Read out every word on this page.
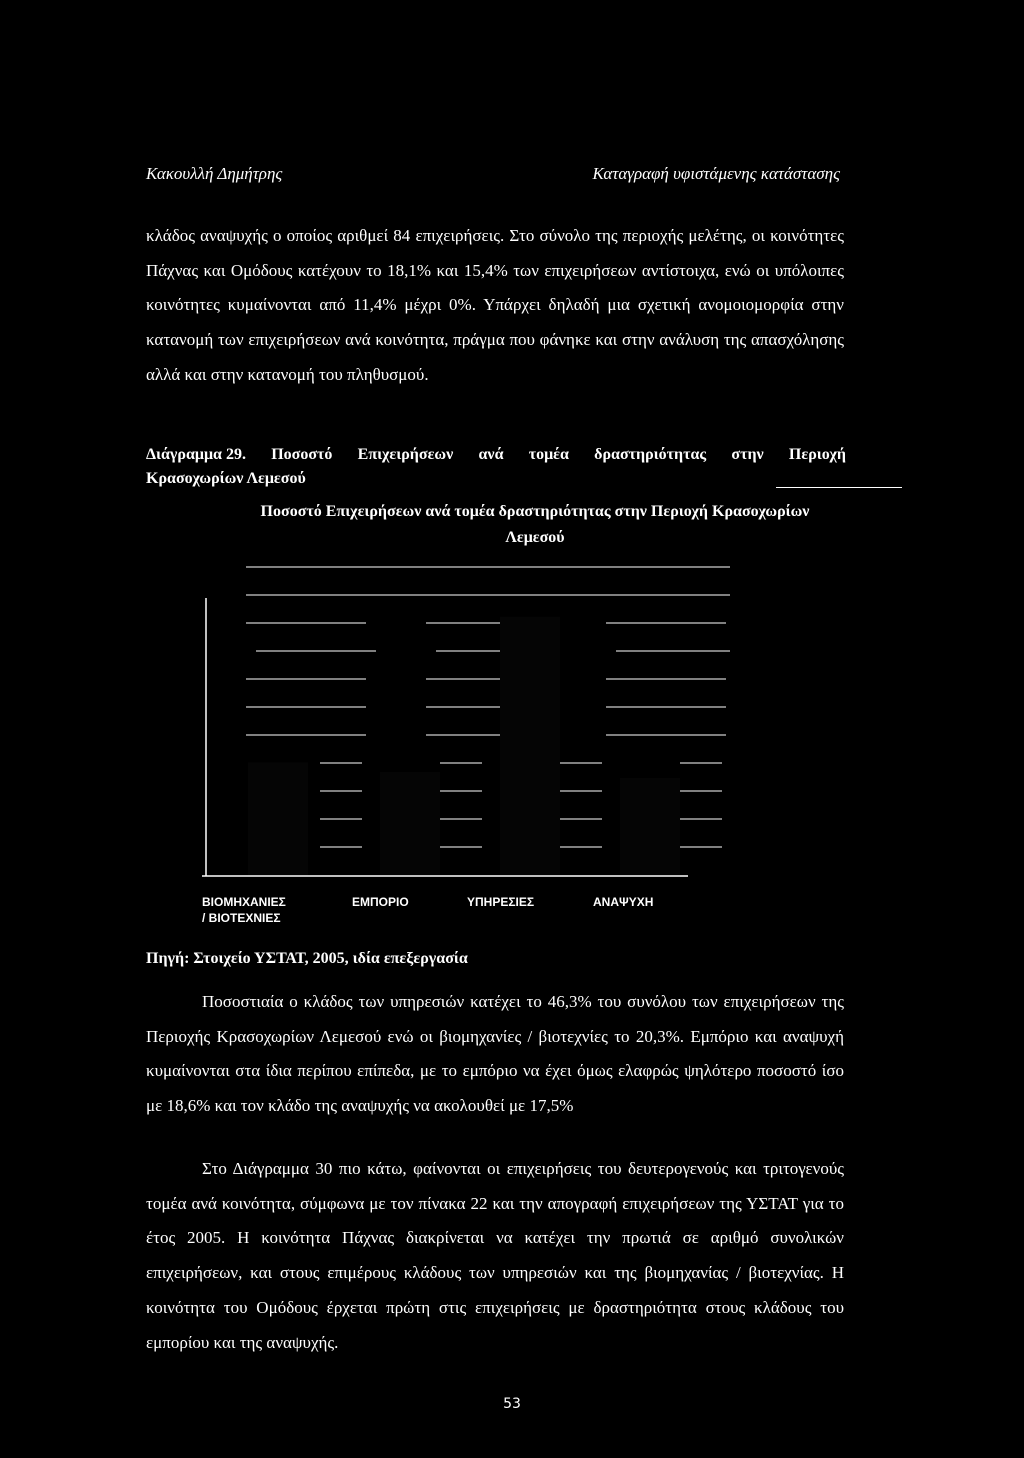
Κακουλλή Δημήτρης	Καταγραφή υφιστάμενης κατάστασης

κλάδος αναψυχής ο οποίος αριθμεί 84 επιχειρήσεις. Στο σύνολο της περιοχής μελέτης, οι κοινότητες Πάχνας και Ομόδους κατέχουν το 18,1% και 15,4% των επιχειρήσεων αντίστοιχα, ενώ οι υπόλοιπες κοινότητες κυμαίνονται από 11,4% μέχρι 0%. Υπάρχει δηλαδή μια σχετική ανομοιομορφία στην κατανομή των επιχειρήσεων ανά κοινότητα, πράγμα που φάνηκε και στην ανάλυση της απασχόλησης αλλά και στην κατανομή του πληθυσμού.

Διάγραμμα 29. Ποσοστό Επιχειρήσεων ανά τομέα δραστηριότητας στην Περιοχή
Κρασοχωρίων Λεμεσού
Ποσοστό Επιχειρήσεων ανά τομέα δραστηριότητας στην Περιοχή Κρασοχωρίων
Λεμεσού
ΒΙΟΜΗΧΑΝΙΕΣ
/ ΒΙΟΤΕΧΝΙΕΣ
ΕΜΠΟΡΙΟ	ΥΠΗΡΕΣΙΕΣ	ΑΝΑΨΥΧΗ
Πηγή: Στοιχείο ΥΣΤΑΤ, 2005, ιδία επεξεργασία

Ποσοστιαία ο κλάδος των υπηρεσιών κατέχει το 46,3% του συνόλου των επιχειρήσεων της Περιοχής Κρασοχωρίων Λεμεσού ενώ οι βιομηχανίες / βιοτεχνίες το 20,3%. Εμπόριο και αναψυχή κυμαίνονται στα ίδια περίπου επίπεδα, με το εμπόριο να έχει όμως ελαφρώς ψηλότερο ποσοστό ίσο με 18,6% και τον κλάδο της αναψυχής να ακολουθεί με 17,5%

Στο Διάγραμμα 30 πιο κάτω, φαίνονται οι επιχειρήσεις του δευτερογενούς και τριτογενούς τομέα ανά κοινότητα, σύμφωνα με τον πίνακα 22 και την απογραφή επιχειρήσεων της ΥΣΤΑΤ για το έτος 2005. Η κοινότητα Πάχνας διακρίνεται να κατέχει την πρωτιά σε αριθμό συνολικών επιχειρήσεων, και στους επιμέρους κλάδους των υπηρεσιών και της βιομηχανίας / βιοτεχνίας. Η κοινότητα του Ομόδους έρχεται πρώτη στις επιχειρήσεις με δραστηριότητα στους κλάδους του εμπορίου και της αναψυχής.

53
